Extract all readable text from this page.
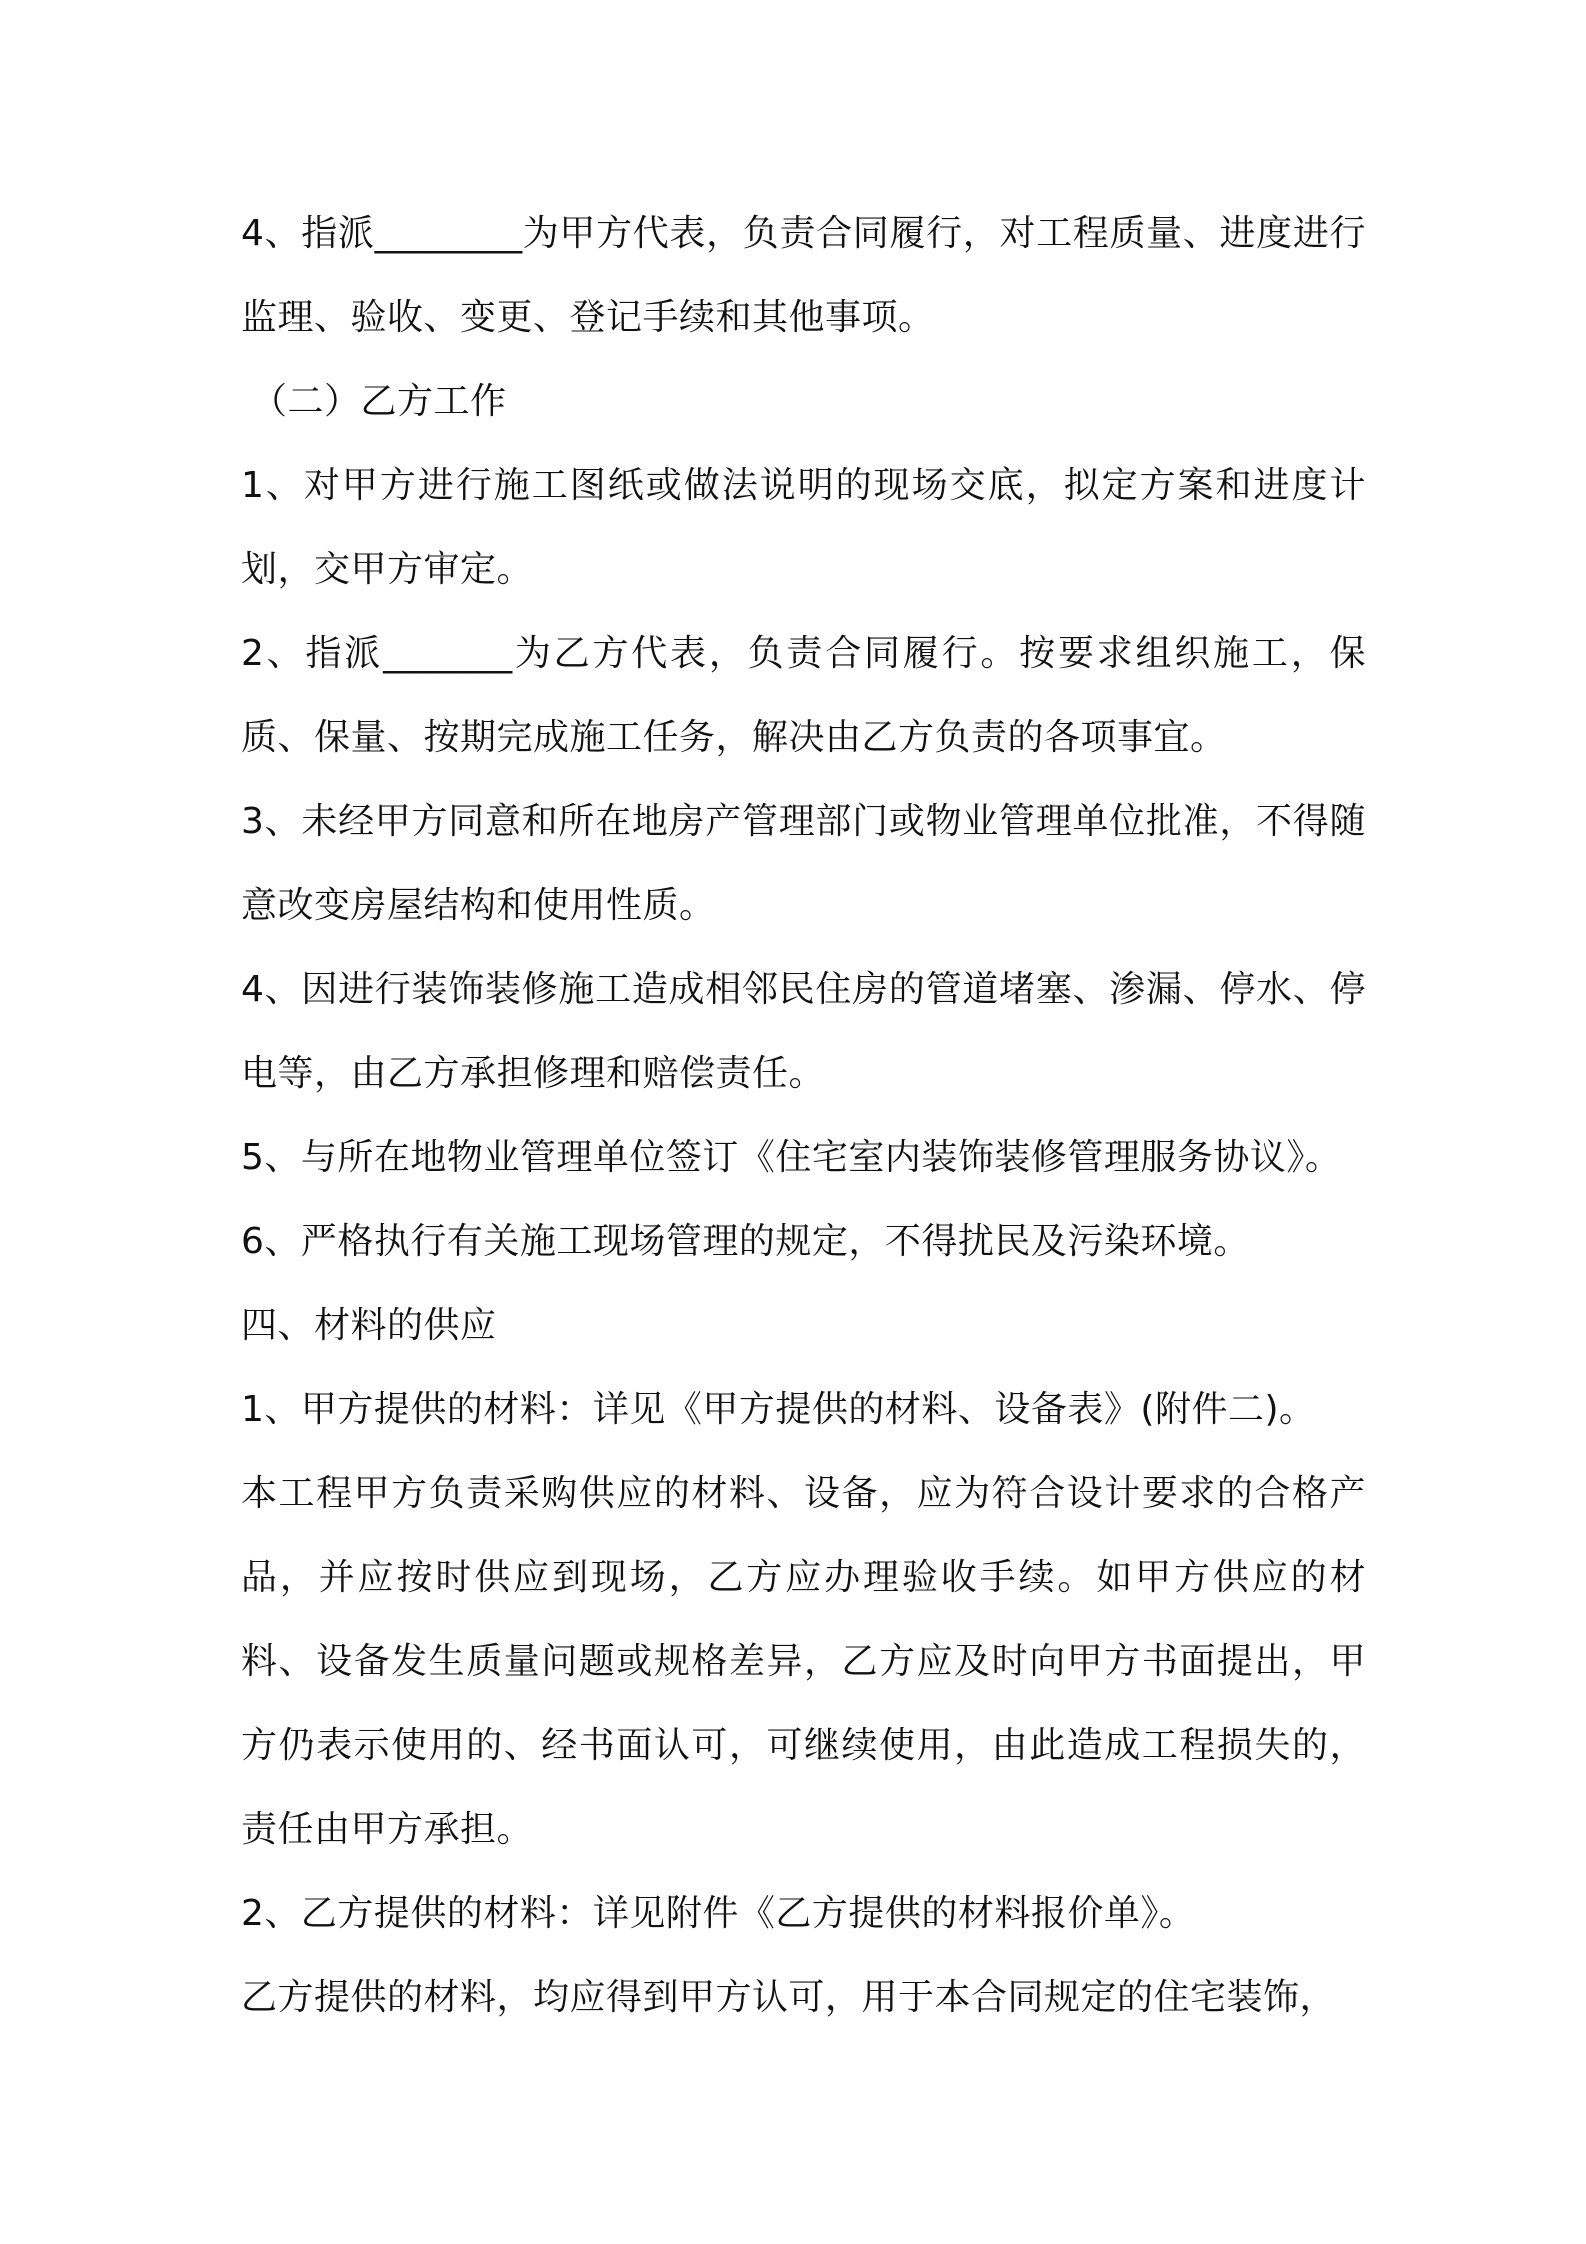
4、指派________为甲方代表，负责合同履行，对工程质量、进度进行监理、验收、变更、登记手续和其他事项。

（二）乙方工作

1、对甲方进行施工图纸或做法说明的现场交底，拟定方案和进度计划，交甲方审定。

2、指派_______为乙方代表，负责合同履行。按要求组织施工，保质、保量、按期完成施工任务，解决由乙方负责的各项事宜。

3、未经甲方同意和所在地房产管理部门或物业管理单位批准，不得随意改变房屋结构和使用性质。

4、因进行装饰装修施工造成相邻民住房的管道堵塞、渗漏、停水、停电等，由乙方承担修理和赔偿责任。

5、与所在地物业管理单位签订《住宅室内装饰装修管理服务协议》。

6、严格执行有关施工现场管理的规定，不得扰民及污染环境。

四、材料的供应

1、甲方提供的材料：详见《甲方提供的材料、设备表》(附件二)。

本工程甲方负责采购供应的材料、设备，应为符合设计要求的合格产品，并应按时供应到现场，乙方应办理验收手续。如甲方供应的材料、设备发生质量问题或规格差异，乙方应及时向甲方书面提出，甲方仍表示使用的、经书面认可，可继续使用，由此造成工程损失的，责任由甲方承担。

2、乙方提供的材料：详见附件《乙方提供的材料报价单》。

乙方提供的材料，均应得到甲方认可，用于本合同规定的住宅装饰，
